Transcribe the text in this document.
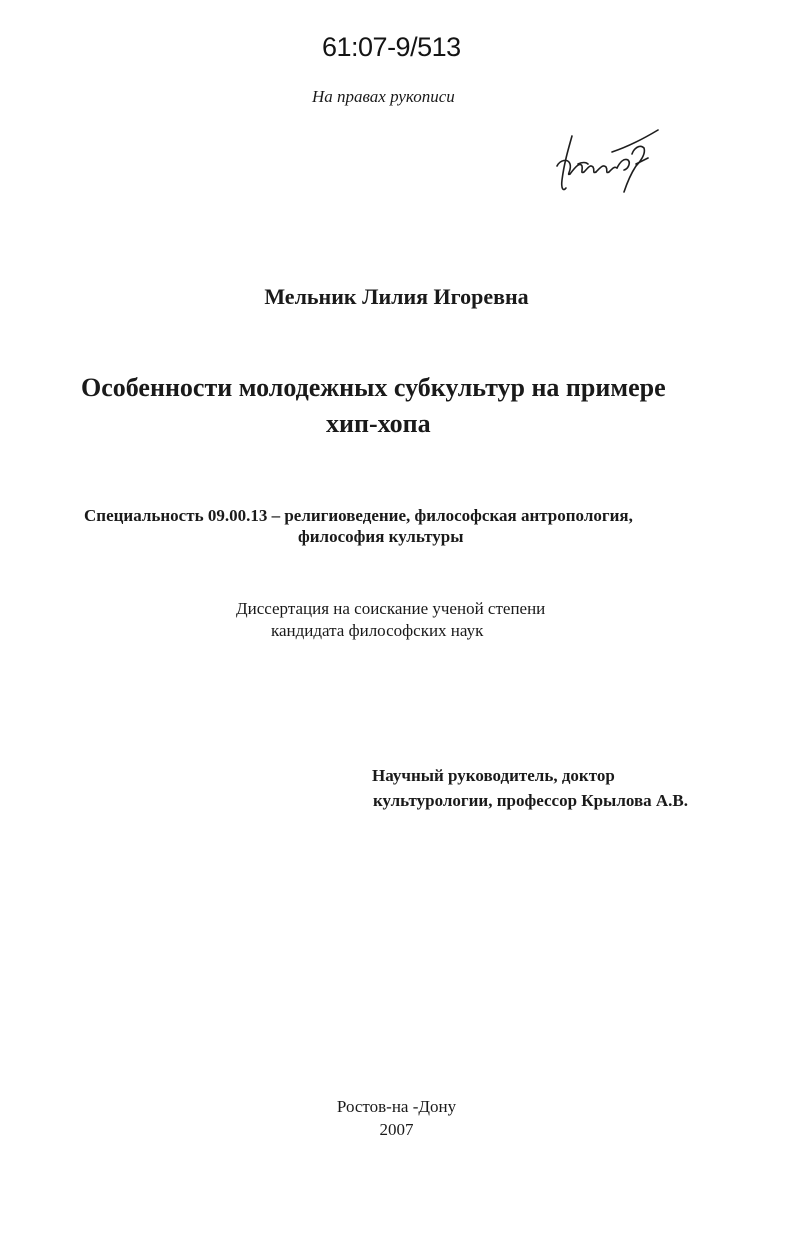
61:07-9/513

На правах рукописи

Мельник Лилия Игоревна

Особенности молодежных субкультур на примере

хип-хопа

Специальность 09.00.13 – религиоведение, философская антропология,

философия культуры

Диссертация на соискание ученой степени

кандидата философских наук

Научный руководитель, доктор

культурологии, профессор Крылова А.В.

Ростов-на -Дону

2007
